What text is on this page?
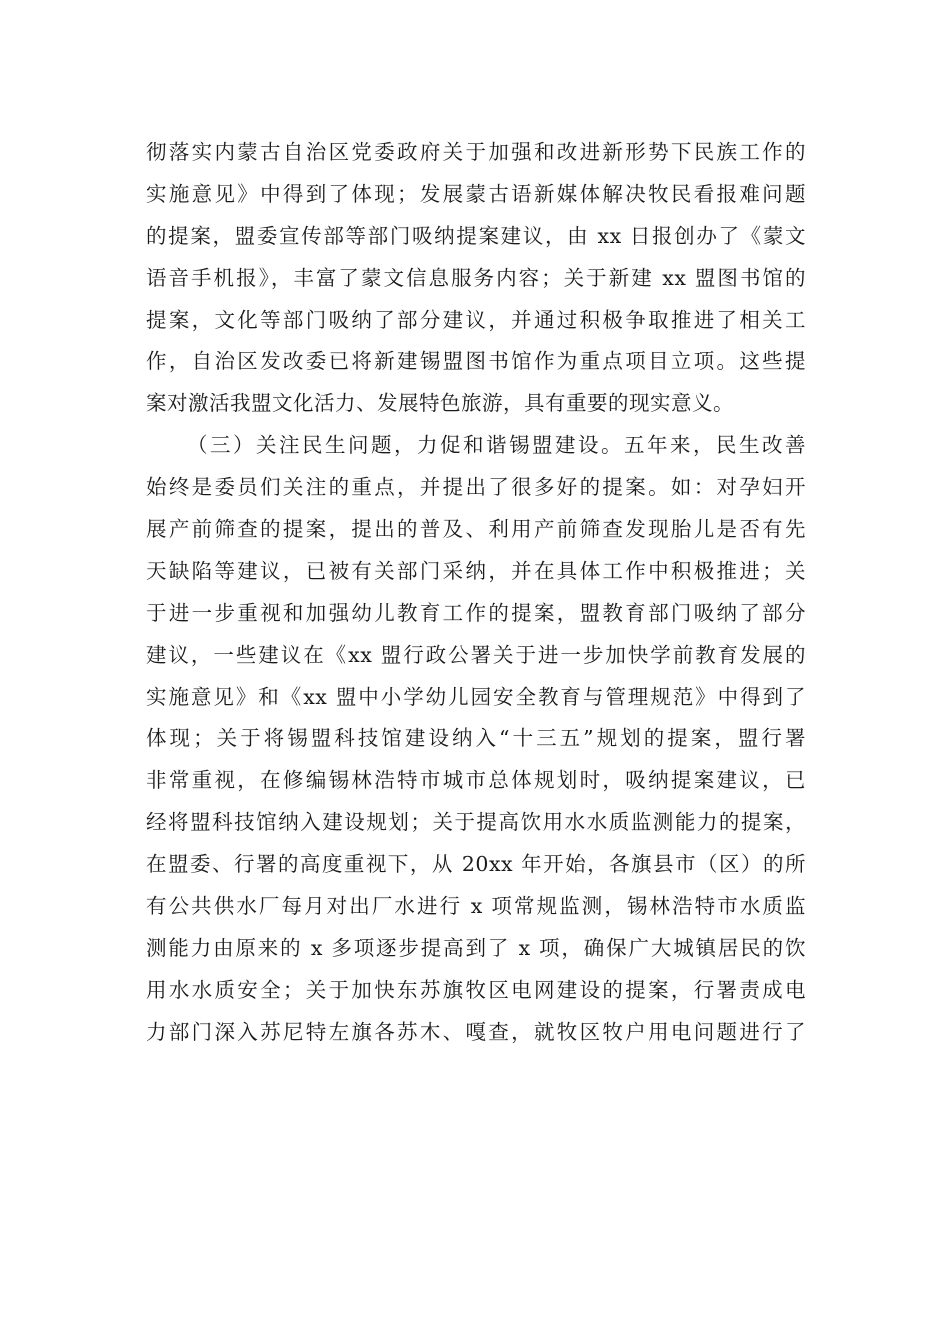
彻落实内蒙古自治区党委政府关于加强和改进新形势下民族工作的
实施意见》中得到了体现；发展蒙古语新媒体解决牧民看报难问题
的提案，盟委宣传部等部门吸纳提案建议，由 xx 日报创办了《蒙文
语音手机报》，丰富了蒙文信息服务内容；关于新建 xx 盟图书馆的
提案，文化等部门吸纳了部分建议，并通过积极争取推进了相关工
作，自治区发改委已将新建锡盟图书馆作为重点项目立项。这些提
案对激活我盟文化活力、发展特色旅游，具有重要的现实意义。
（三）关注民生问题，力促和谐锡盟建设。五年来，民生改善
始终是委员们关注的重点，并提出了很多好的提案。如：对孕妇开
展产前筛查的提案，提出的普及、利用产前筛查发现胎儿是否有先
天缺陷等建议，已被有关部门采纳，并在具体工作中积极推进；关
于进一步重视和加强幼儿教育工作的提案，盟教育部门吸纳了部分
建议，一些建议在《xx 盟行政公署关于进一步加快学前教育发展的
实施意见》和《xx 盟中小学幼儿园安全教育与管理规范》中得到了
体现；关于将锡盟科技馆建设纳入“十三五”规划的提案，盟行署
非常重视，在修编锡林浩特市城市总体规划时，吸纳提案建议，已
经将盟科技馆纳入建设规划；关于提高饮用水水质监测能力的提案，
在盟委、行署的高度重视下，从 20xx 年开始，各旗县市（区）的所
有公共供水厂每月对出厂水进行 x 项常规监测，锡林浩特市水质监
测能力由原来的 x 多项逐步提高到了 x 项，确保广大城镇居民的饮
用水水质安全；关于加快东苏旗牧区电网建设的提案，行署责成电
力部门深入苏尼特左旗各苏木、嘎查，就牧区牧户用电问题进行了
